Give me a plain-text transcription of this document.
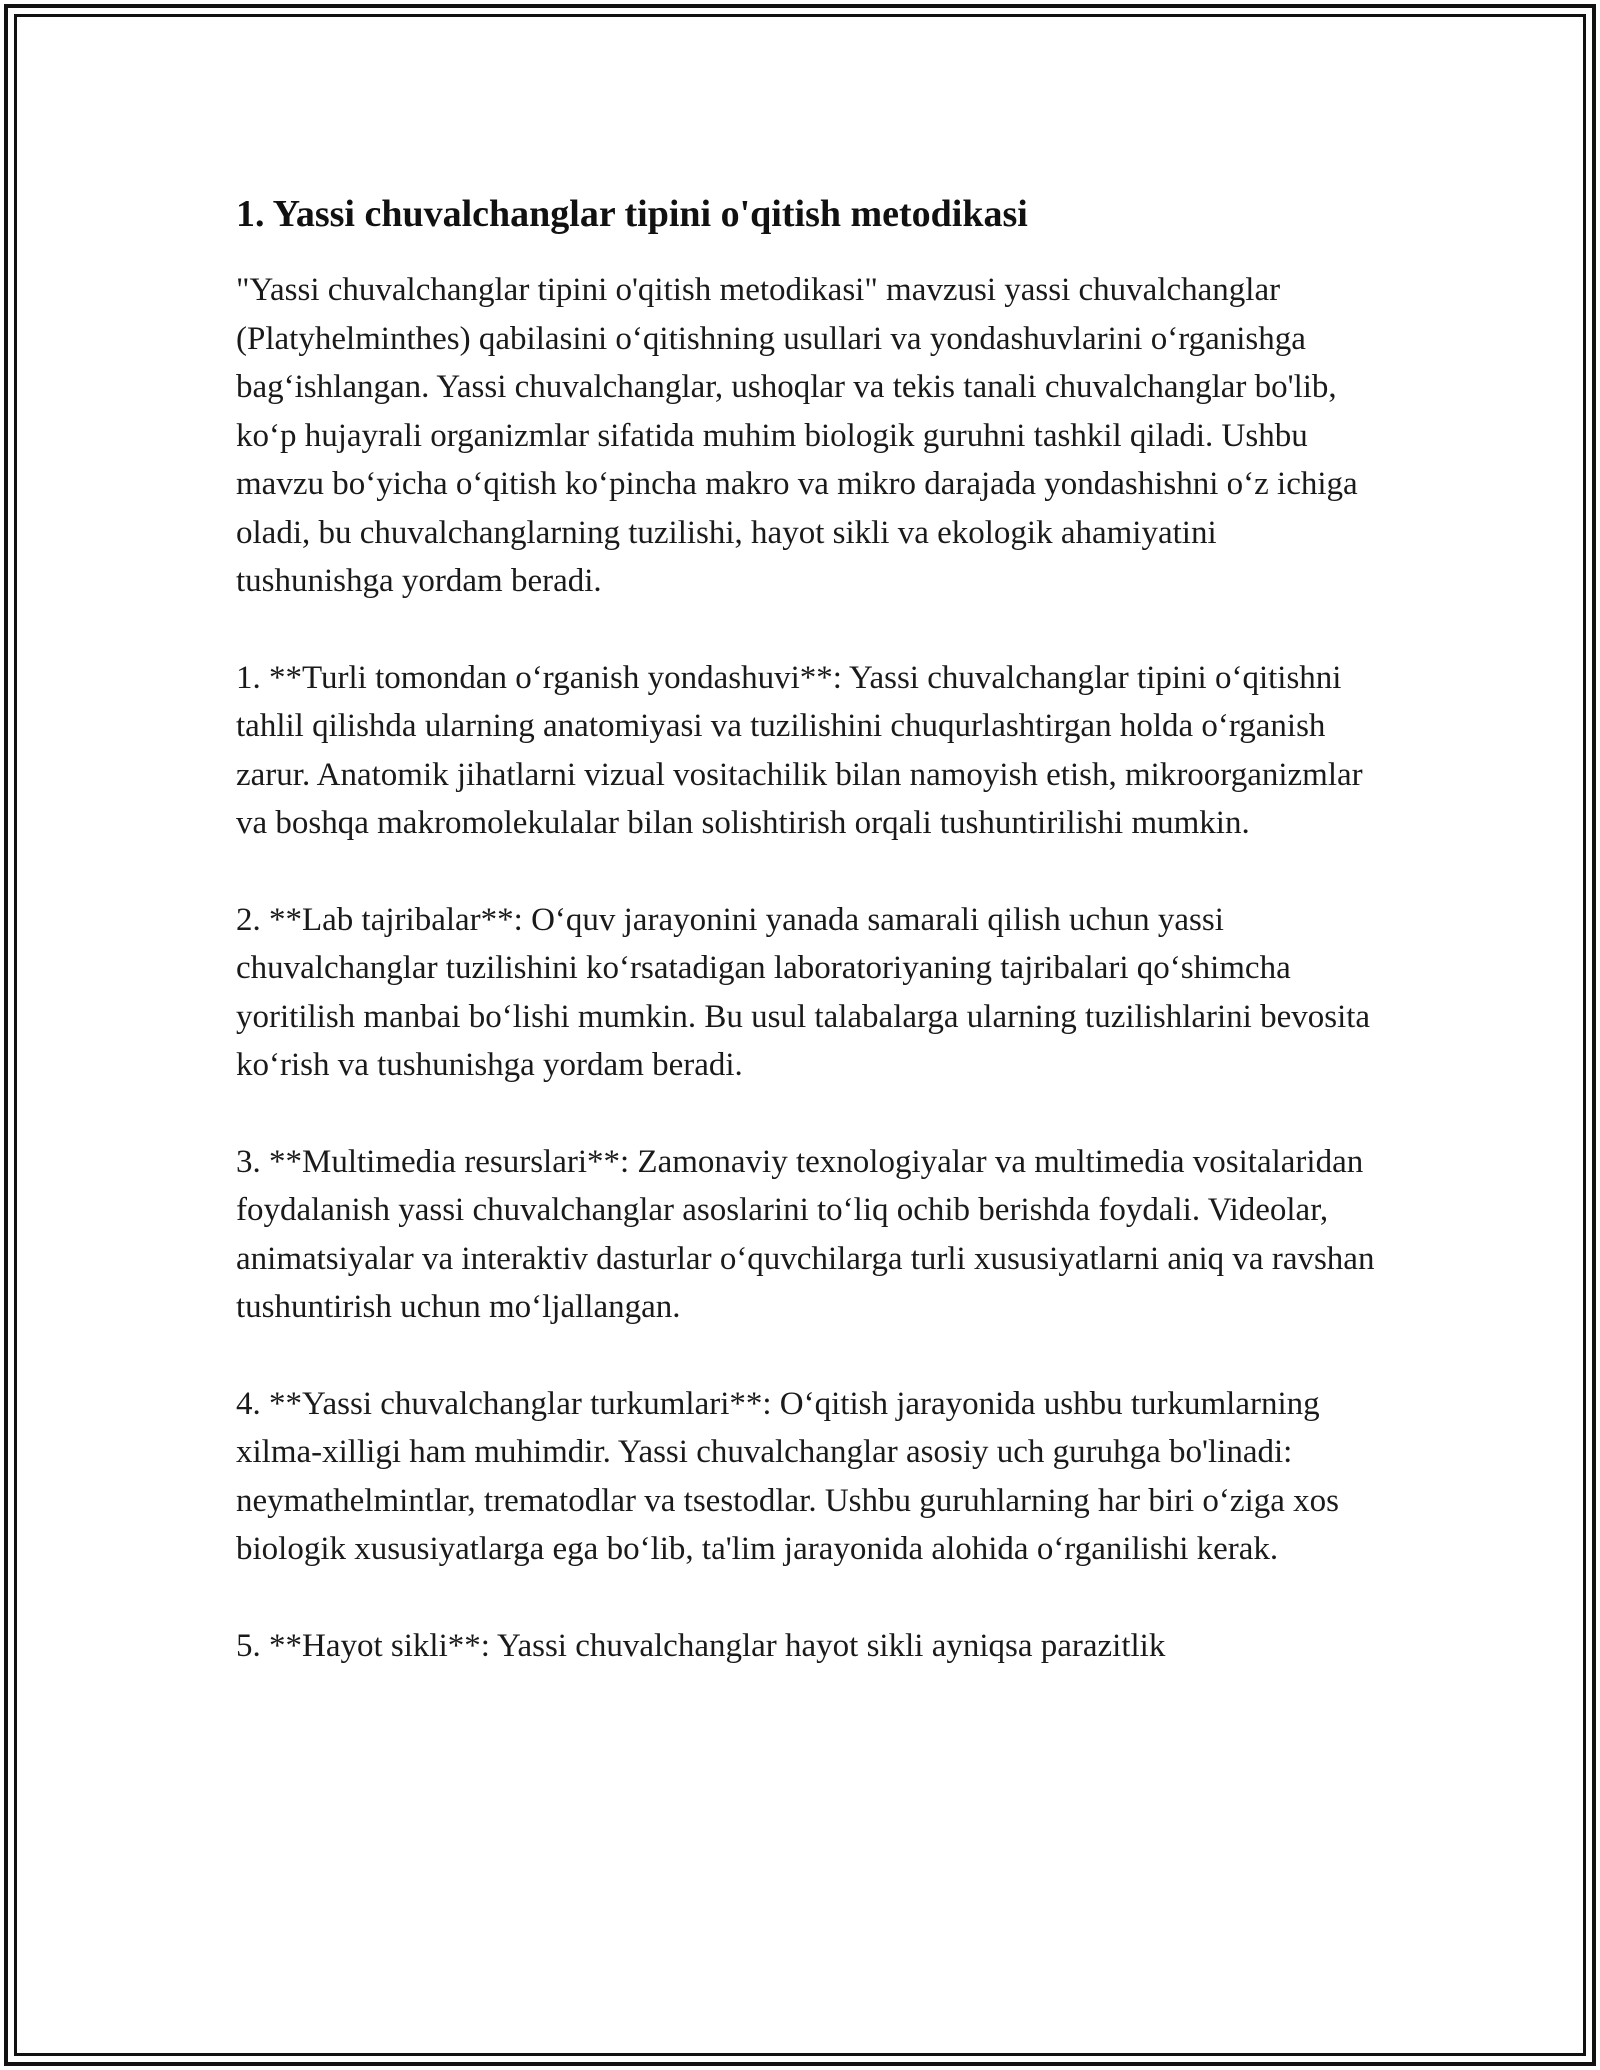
1. Yassi chuvalchanglar tipini o'qitish metodikasi

"Yassi chuvalchanglar tipini o'qitish metodikasi" mavzusi yassi chuvalchanglar (Platyhelminthes) qabilasini o‘qitishning usullari va yondashuvlarini o‘rganishga bag‘ishlangan. Yassi chuvalchanglar, ushoqlar va tekis tanali chuvalchanglar bo'lib, ko‘p hujayrali organizmlar sifatida muhim biologik guruhni tashkil qiladi. Ushbu mavzu bo‘yicha o‘qitish ko‘pincha makro va mikro darajada yondashishni o‘z ichiga oladi, bu chuvalchanglarning tuzilishi, hayot sikli va ekologik ahamiyatini tushunishga yordam beradi.

1. **Turli tomondan o‘rganish yondashuvi**: Yassi chuvalchanglar tipini o‘qitishni tahlil qilishda ularning anatomiyasi va tuzilishini chuqurlashtirgan holda o‘rganish zarur. Anatomik jihatlarni vizual vositachilik bilan namoyish etish, mikroorganizmlar va boshqa makromolekulalar bilan solishtirish orqali tushuntirilishi mumkin.

2. **Lab tajribalar**: O‘quv jarayonini yanada samarali qilish uchun yassi chuvalchanglar tuzilishini ko‘rsatadigan laboratoriyaning tajribalari qo‘shimcha yoritilish manbai bo‘lishi mumkin. Bu usul talabalarga ularning tuzilishlarini bevosita ko‘rish va tushunishga yordam beradi.

3. **Multimedia resurslari**: Zamonaviy texnologiyalar va multimedia vositalaridan foydalanish yassi chuvalchanglar asoslarini to‘liq ochib berishda foydali. Videolar, animatsiyalar va interaktiv dasturlar o‘quvchilarga turli xususiyatlarni aniq va ravshan tushuntirish uchun mo‘ljallangan.

4. **Yassi chuvalchanglar turkumlari**: O‘qitish jarayonida ushbu turkumlarning xilma-xilligi ham muhimdir. Yassi chuvalchanglar asosiy uch guruhga bo'linadi: neymathelmintlar, trematodlar va tsestodlar. Ushbu guruhlarning har biri o‘ziga xos biologik xususiyatlarga ega bo‘lib, ta'lim jarayonida alohida o‘rganilishi kerak.

5. **Hayot sikli**: Yassi chuvalchanglar hayot sikli ayniqsa parazitlik
